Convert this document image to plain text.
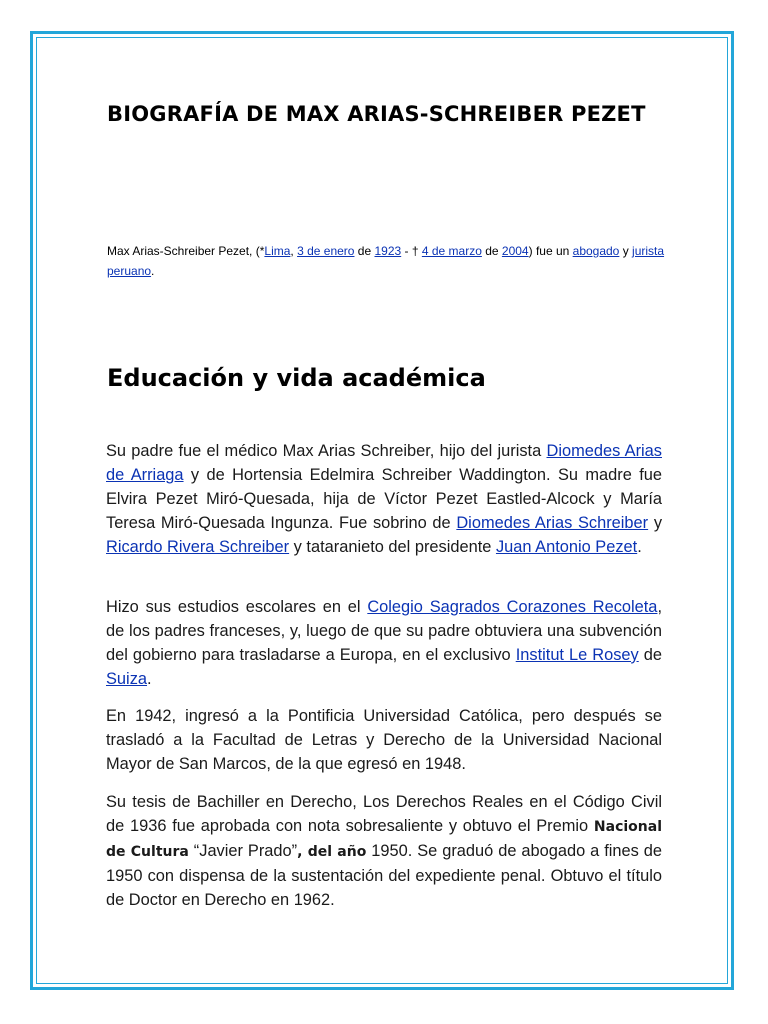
BIOGRAFÍA DE MAX ARIAS-SCHREIBER PEZET

Max Arias-Schreiber Pezet, (*Lima, 3 de enero de 1923 - † 4 de marzo de 2004) fue un abogado y jurista peruano.

Educación y vida académica

Su padre fue el médico Max Arias Schreiber, hijo del jurista Diomedes Arias de Arriaga y de Hortensia Edelmira Schreiber Waddington. Su madre fue Elvira Pezet Miró-Quesada, hija de Víctor Pezet Eastled-Alcock y María Teresa Miró-Quesada Ingunza. Fue sobrino de Diomedes Arias Schreiber y Ricardo Rivera Schreiber y tataranieto del presidente Juan Antonio Pezet.

Hizo sus estudios escolares en el Colegio Sagrados Corazones Recoleta, de los padres franceses, y, luego de que su padre obtuviera una subvención del gobierno para trasladarse a Europa, en el exclusivo Institut Le Rosey de Suiza.

En 1942, ingresó a la Pontificia Universidad Católica, pero después se trasladó a la Facultad de Letras y Derecho de la Universidad Nacional Mayor de San Marcos, de la que egresó en 1948.

Su tesis de Bachiller en Derecho, Los Derechos Reales en el Código Civil de 1936 fue aprobada con nota sobresaliente y obtuvo el Premio Nacional de Cultura “Javier Prado”, del año 1950. Se graduó de abogado a fines de 1950 con dispensa de la sustentación del expediente penal. Obtuvo el título de Doctor en Derecho en 1962.
